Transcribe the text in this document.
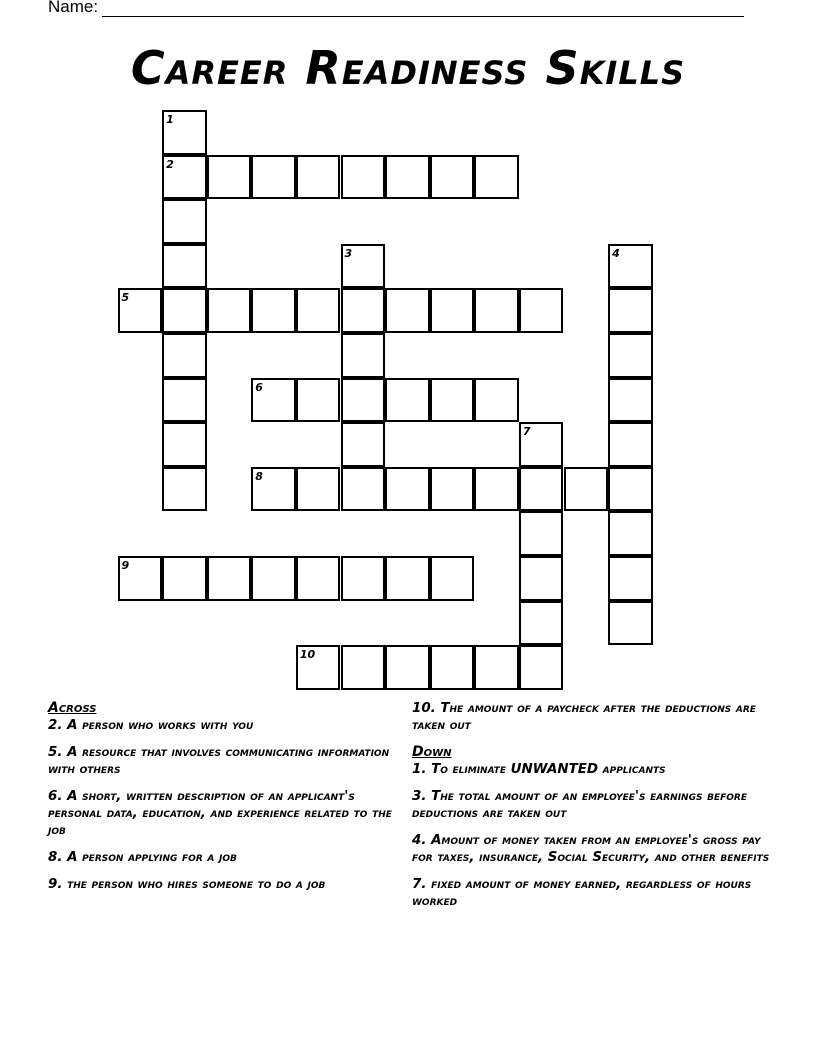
Name:
Career Readiness Skills
1
2
3	4
5
6
7
8
9
10
Across
2. A person who works with you
5. A resource that involves communicating information with others
6. A short, written description of an applicant's personal data, education, and experience related to the job
8. A person applying for a job
9. the person who hires someone to do a job
10. The amount of a paycheck after the deductions are taken out
Down
1. To eliminate UNWANTED applicants
3. The total amount of an employee's earnings before deductions are taken out
4. Amount of money taken from an employee's gross pay for taxes, insurance, Social Security, and other benefits
7. fixed amount of money earned, regardless of hours worked
